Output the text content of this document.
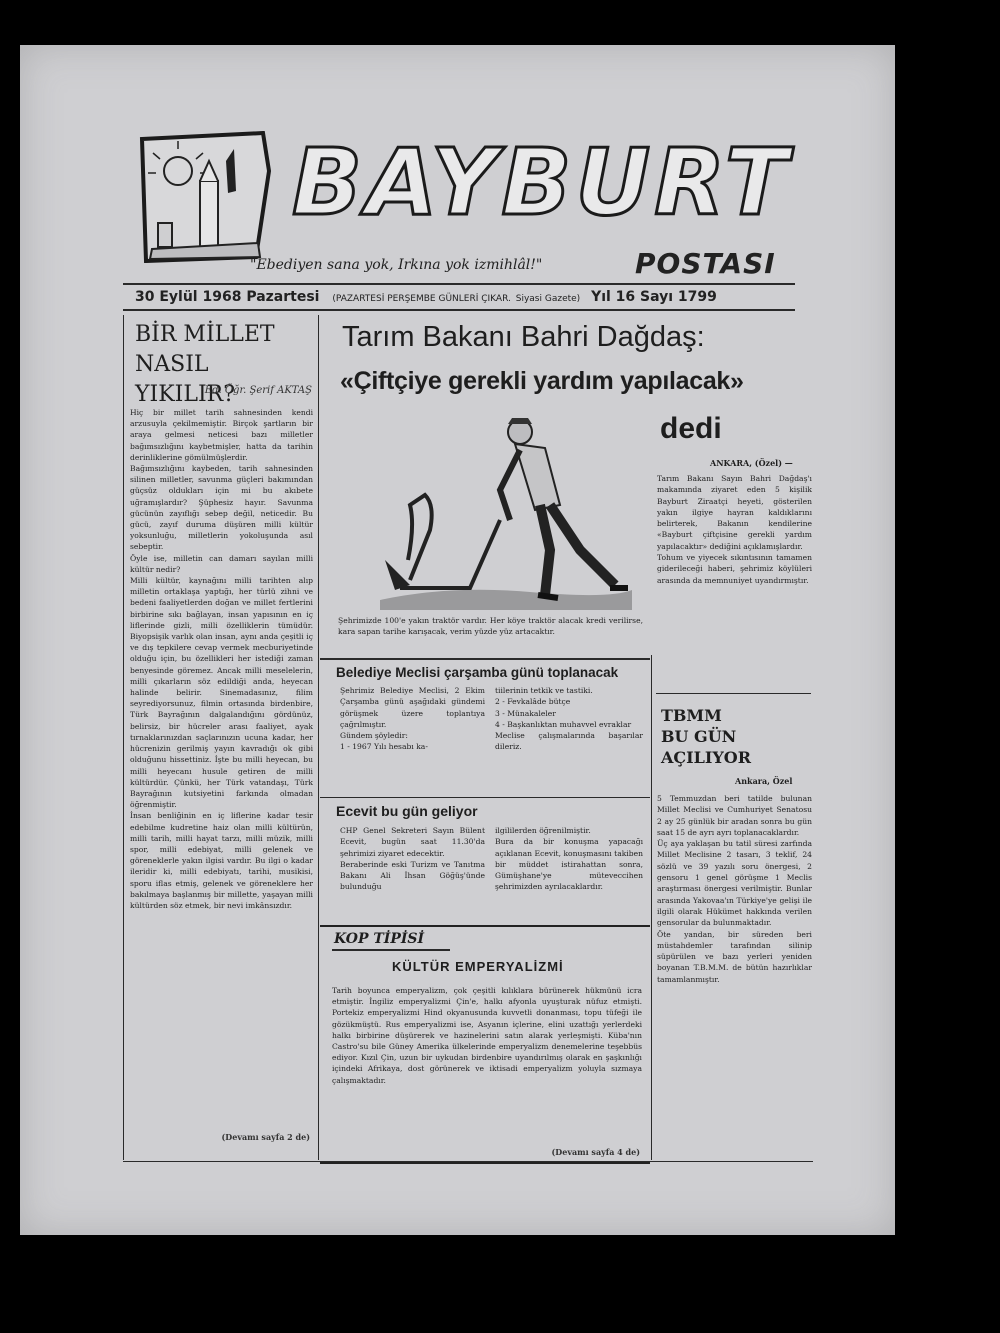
BAYBURT
"Ebediyen sana yok, Irkına yok izmihlâl!"	POSTASI
30 Eylül 1968 Pazartesi (PAZARTESİ PERŞEMBE GÜNLERİ ÇIKAR. Siyasi Gazete) Yıl 16 Sayı 1799
BİR MİLLET
NASIL YIKILIR?
Ed. Öğr. Şerif AKTAŞ
Hiç bir millet tarih sahnesinden kendi arzusuyla çekilmemiştir. Birçok şartların bir araya gelmesi neticesi bazı milletler bağımsızlığını kaybetmişler, hatta da tarihin derinliklerine gömülmüşlerdir.
Bağımsızlığını kaybeden, tarih sahnesinden silinen milletler, savunma güçleri bakımından güçsüz oldukları için mi bu akıbete uğramışlardır? Şüphesiz hayır. Savunma gücünün zayıflığı sebep değil, neticedir. Bu gücü, zayıf duruma düşüren milli kültür yoksunluğu, milletlerin yokoluşunda asıl sebeptir.
Öyle ise, milletin can damarı sayılan milli kültür nedir?
Milli kültür, kaynağını milli tarihten alıp milletin ortaklaşa yaptığı, her türlü zihni ve bedeni faaliyetlerden doğan ve millet fertlerini birbirine sıkı bağlayan, insan yapısının en iç liflerinde gizli, milli özelliklerin tümüdür. Biyopsişik varlık olan insan, aynı anda çeşitli iç ve dış tepkilere cevap vermek mecburiyetinde olduğu için, bu özellikleri her istediği zaman benyesinde göremez. Ancak milli meselelerin, milli çıkarların söz edildiği anda, heyecan halinde belirir. Sinemadasınız, filim seyrediyorsunuz, filmin ortasında birdenbire, Türk Bayrağının dalgalandığını gördünüz, belirsiz, bir hücreler arası faaliyet, ayak tırnaklarınızdan saçlarınızın ucuna kadar, her hücrenizin gerilmiş yayın kavradığı ok gibi olduğunu hissettiniz. İşte bu milli heyecan, bu milli heyecanı husule getiren de milli kültürdür. Çünkü, her Türk vatandaşı, Türk Bayrağının kutsiyetini farkında olmadan öğrenmiştir.
İnsan benliğinin en iç liflerine kadar tesir edebilme kudretine haiz olan milli kültürün, milli tarih, milli hayat tarzı, milli müzik, milli spor, milli edebiyat, milli gelenek ve göreneklerle yakın ilgisi vardır. Bu ilgi o kadar ileridir ki, milli edebiyatı, tarihi, musikisi, sporu iflas etmiş, gelenek ve göreneklere her bakılmaya başlanmış bir millette, yaşayan milli kültürden söz etmek, bir nevi imkânsızdır.
(Devamı sayfa 2 de)
Tarım Bakanı Bahri Dağdaş:
«Çiftçiye gerekli yardım yapılacak»
dedi
Şehrimizde 100'e yakın traktör vardır. Her köye traktör alacak kredi verilirse, kara sapan tarihe karışacak, verim yüzde yüz artacaktır.
ANKARA, (Özel) —
Tarım Bakanı Sayın Bahri Dağdaş'ı makamında ziyaret eden 5 kişilik Bayburt Ziraatçi heyeti, gösterilen yakın ilgiye hayran kaldıklarını belirterek, Bakanın kendilerine «Bayburt çiftçisine gerekli yardım yapılacaktır» dediğini açıklamışlardır.
Tohum ve yiyecek sıkıntısının tamamen giderileceği haberi, şehrimiz köylüleri arasında da memnuniyet uyandırmıştır.
Belediye Meclisi çarşamba günü toplanacak
Şehrimiz Belediye Meclisi, 2 Ekim Çarşamba günü aşağıdaki gündemi görüşmek üzere toplantıya çağrılmıştır.
Gündem şöyledir:
1 - 1967 Yılı hesabı ka-
tiilerinin tetkik ve tastiki.
2 - Fevkalâde bütçe
3 - Münakaleler
4 - Başkanlıktan muhavvel evraklar
Meclise çalışmalarında başarılar dileriz.
Ecevit bu gün geliyor
CHP Genel Sekreteri Sayın Bülent Ecevit, bugün saat 11.30'da şehrimizi ziyaret edecektir.
Beraberinde eski Turizm ve Tanıtma Bakanı Ali İhsan Göğüş'ünde bulunduğu
ilgililerden öğrenilmiştir.
Bura da bir konuşma yapacağı açıklanan Ecevit, konuşmasını takiben bir müddet istirahattan sonra, Gümüşhane'ye müteveccihen şehrimizden ayrılacaklardır.
KOP TİPİSİ
KÜLTÜR EMPERYALİZMİ
Tarih boyunca emperyalizm, çok çeşitli kılıklara bürünerek hükmünü icra etmiştir. İngiliz emperyalizmi Çin'e, halkı afyonla uyuşturak nüfuz etmişti. Portekiz emperyalizmi Hind okyanusunda kuvvetli donanması, topu tüfeği ile gözükmüştü. Rus emperyalizmi ise, Asyanın içlerine, elini uzattığı yerlerdeki halkı birbirine düşürerek ve hazinelerini satın alarak yerleşmişti. Küba'nın Castro'su bile Güney Amerika ülkelerinde emperyalizm denemelerine teşebbüs ediyor. Kızıl Çin, uzun bir uykudan birdenbire uyandırılmış olarak en şaşkınlığı içindeki Afrikaya, dost görünerek ve iktisadi emperyalizm yoluyla sızmaya çalışmaktadır.
(Devamı sayfa 4 de)
TBMM
BU GÜN
AÇILIYOR
Ankara, Özel
5 Temmuzdan beri tatilde bulunan Millet Meclisi ve Cumhuriyet Senatosu 2 ay 25 günlük bir aradan sonra bu gün saat 15 de ayrı ayrı toplanacaklardır.
Üç aya yaklaşan bu tatil süresi zarfında Millet Meclisine 2 tasarı, 3 teklif, 24 sözlü ve 39 yazılı soru önergesi, 2 gensoru 1 genel görüşme 1 Meclis araştırması önergesi verilmiştir. Bunlar arasında Yakovaa'ın Türkiye'ye gelişi ile ilgili olarak Hükümet hakkında verilen gensorular da bulunmaktadır.
Öte yandan, bir süreden beri müstahdemler tarafından silinip süpürülen ve bazı yerleri yeniden boyanan T.B.M.M. de bütün hazırlıklar tamamlanmıştır.
